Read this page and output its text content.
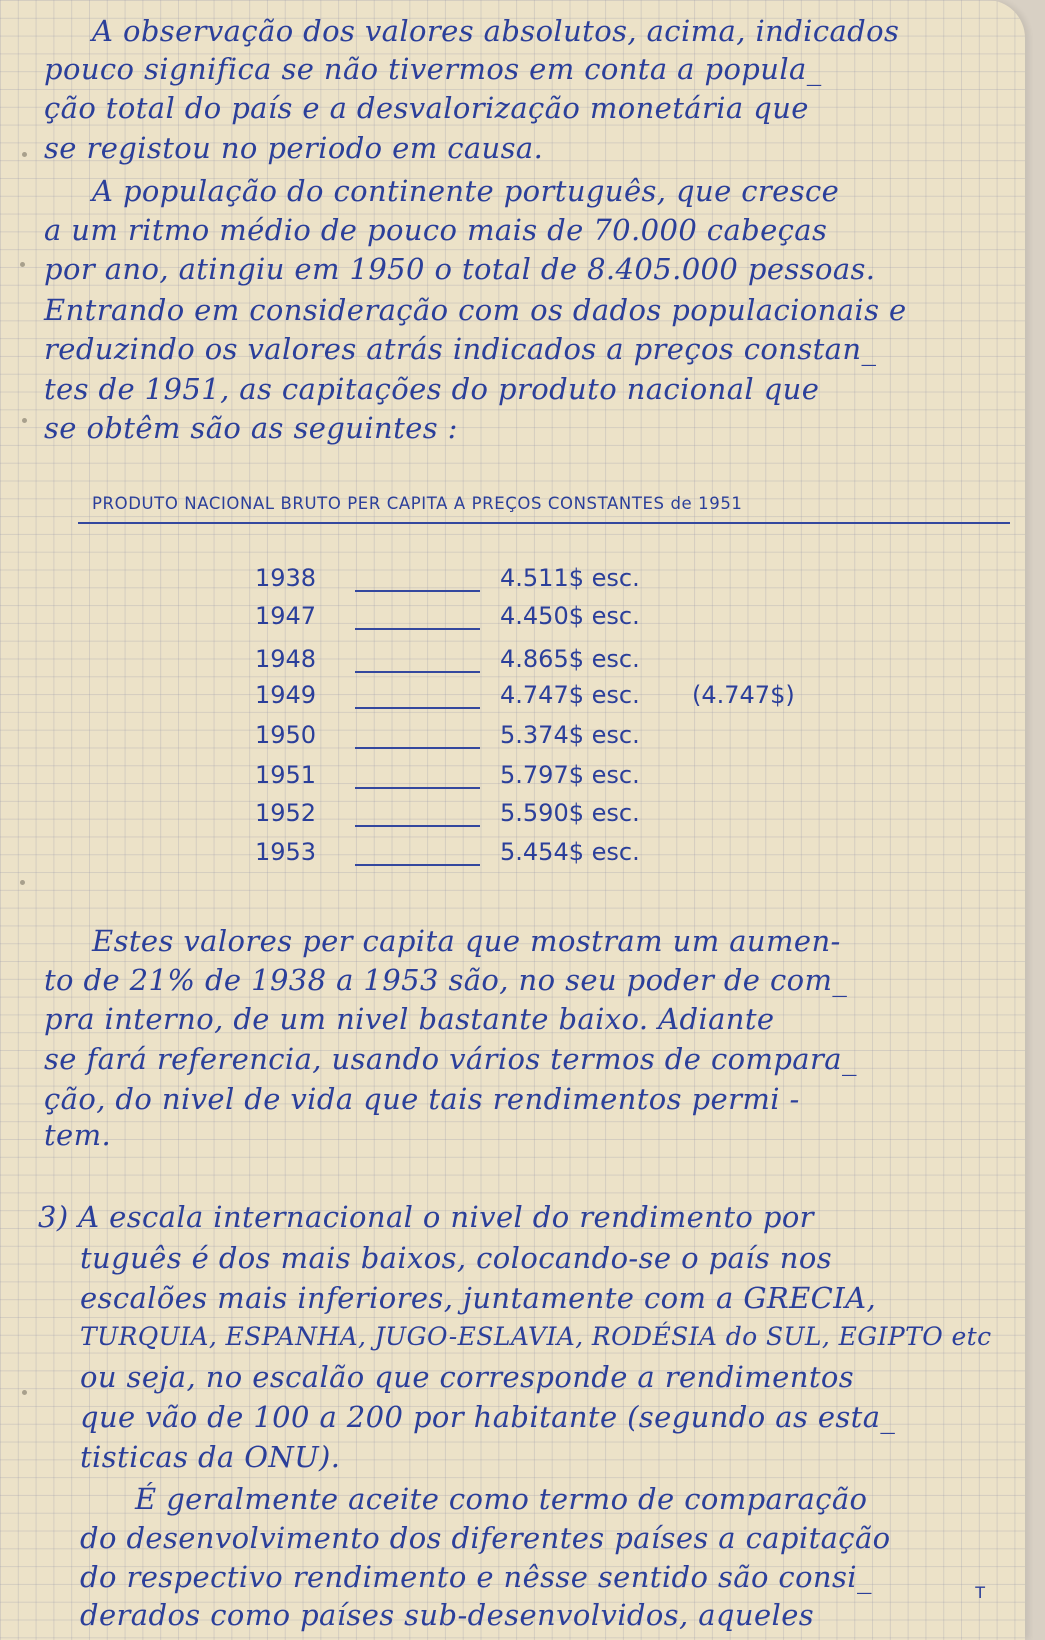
A observação dos valores absolutos, acima, indicados
pouco significa se não tivermos em conta a popula_
ção total do país e a desvalorização monetária que
se registou no periodo em causa.
A população do continente português, que cresce
a um ritmo médio de pouco mais de 70.000 cabeças
por ano, atingiu em 1950 o total de 8.405.000 pessoas.
Entrando em consideração com os dados populacionais e
reduzindo os valores atrás indicados a preços constan_
tes de 1951, as capitações do produto nacional que
se obtêm são as seguintes :
PRODUTO NACIONAL BRUTO PER CAPITA A PREÇOS CONSTANTES de 1951
1938	4.511$ esc.
1947	4.450$ esc.
1948	4.865$ esc.
1949	4.747$ esc. (4.747$)
1950	5.374$ esc.
1951	5.797$ esc.
1952	5.590$ esc.
1953	5.454$ esc.
Estes valores per capita que mostram um aumen-
to de 21% de 1938 a 1953 são, no seu poder de com_
pra interno, de um nivel bastante baixo. Adiante
se fará referencia, usando vários termos de compara_
ção, do nivel de vida que tais rendimentos permi -
tem.
3) A escala internacional o nivel do rendimento por
tuguês é dos mais baixos, colocando-se o país nos
escalões mais inferiores, juntamente com a GRECIA,
TURQUIA, ESPANHA, JUGO-ESLAVIA, RODÉSIA do SUL, EGIPTO etc
ou seja, no escalão que corresponde a rendimentos
que vão de 100 a 200 por habitante (segundo as esta_
tisticas da ONU).
É geralmente aceite como termo de comparação
do desenvolvimento dos diferentes países a capitação
do respectivo rendimento e nêsse sentido são consi_
derados como países sub-desenvolvidos, aqueles
T
